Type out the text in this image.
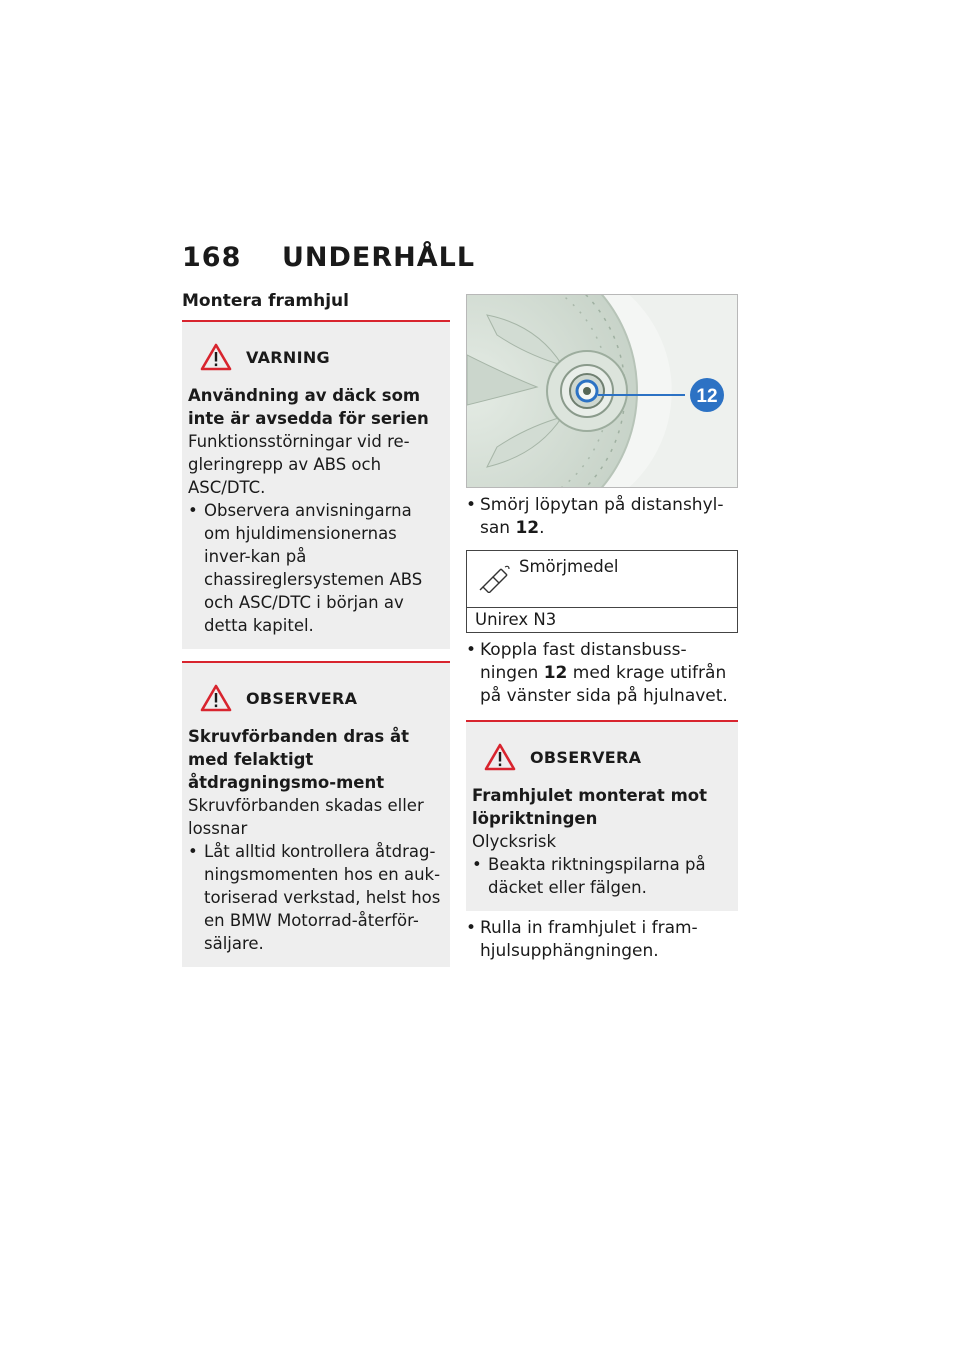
168 UNDERHÅLL
Montera framhjul
VARNING
Användning av däck som inte är avsedda för serien
Funktionsstörningar vid re-gleringrepp av ABS och ASC/DTC.
• Observera anvisningarna om hjuldimensionernas inver-kan på chassireglersystemen ABS och ASC/DTC i början av detta kapitel.
OBSERVERA
Skruvförbanden dras åt med felaktigt åtdragningsmo-ment
Skruvförbanden skadas eller lossnar
• Låt alltid kontrollera åtdrag-ningsmomenten hos en auk-toriserad verkstad, helst hos en BMW Motorrad-återför-säljare.
12
• Smörj löpytan på distanshyl-san 12.
Smörjmedel
Unirex N3
• Koppla fast distansbuss-ningen 12 med krage utifrån på vänster sida på hjulnavet.
OBSERVERA
Framhjulet monterat mot löpriktningen
Olycksrisk
• Beakta riktningspilarna på däcket eller fälgen.
• Rulla in framhjulet i fram-hjulsupphängningen.
